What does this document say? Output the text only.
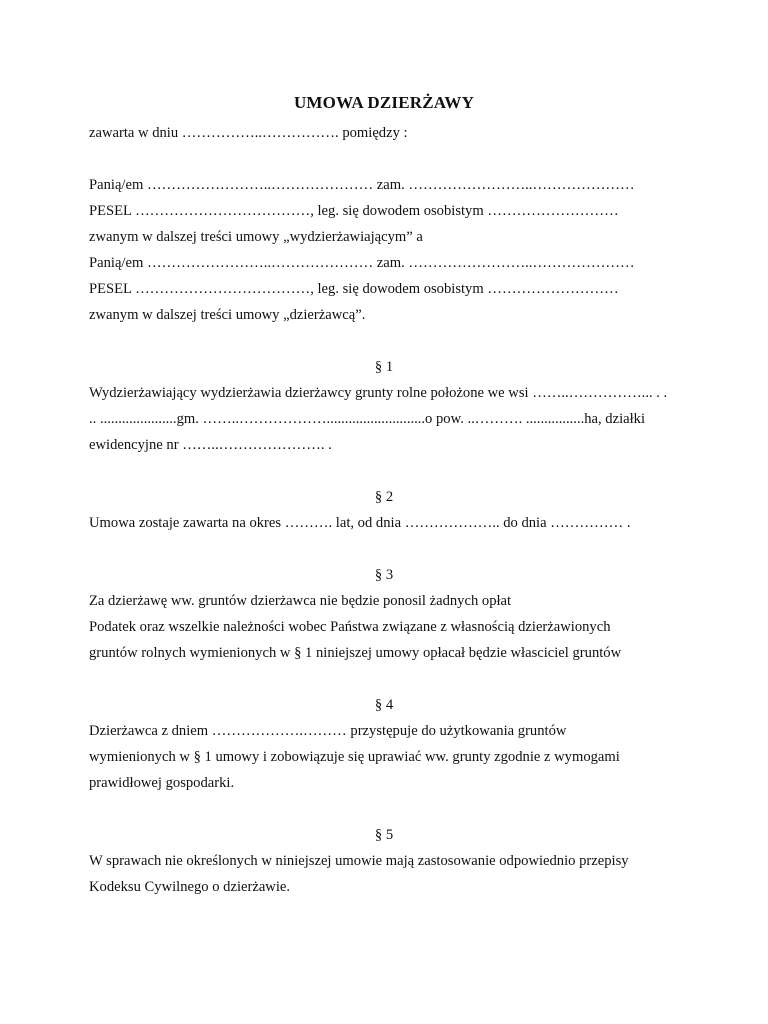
UMOWA DZIERŻAWY
zawarta w dniu ……………..……………. pomiędzy :
Panią/em ……………………..………………… zam. ……………………..…………………
PESEL ………………………………, leg. się dowodem osobistym ………………………
zwanym w dalszej treści umowy „wydzierżawiającym” a
Panią/em ……………………..………………… zam. ……………………..…………………
PESEL ………………………………, leg. się dowodem osobistym ………………………
zwanym w dalszej treści umowy „dzierżawcą”.
§ 1
Wydzierżawiający wydzierżawia dzierżawcy grunty rolne położone we wsi ……..……………... . .
.. .....................gm. ……..………………...........................o pow. ..………. ................ha, działki
ewidencyjne nr ……..…………………. .
§ 2
Umowa zostaje zawarta na okres ………. lat, od dnia ……………….. do dnia …………… .
§ 3
Za dzierżawę ww. gruntów dzierżawca nie będzie ponosil żadnych opłat
Podatek oraz wszelkie należności wobec Państwa związane z własnością dzierżawionych
gruntów rolnych wymienionych w § 1 niniejszej umowy opłacał będzie własciciel gruntów
§ 4
Dzierżawca z dniem ……………….……… przystępuje do użytkowania gruntów
wymienionych w § 1 umowy i zobowiązuje się uprawiać ww. grunty zgodnie z wymogami
prawidłowej gospodarki.
§ 5
W sprawach nie określonych w niniejszej umowie mają zastosowanie odpowiednio przepisy
Kodeksu Cywilnego o dzierżawie.
